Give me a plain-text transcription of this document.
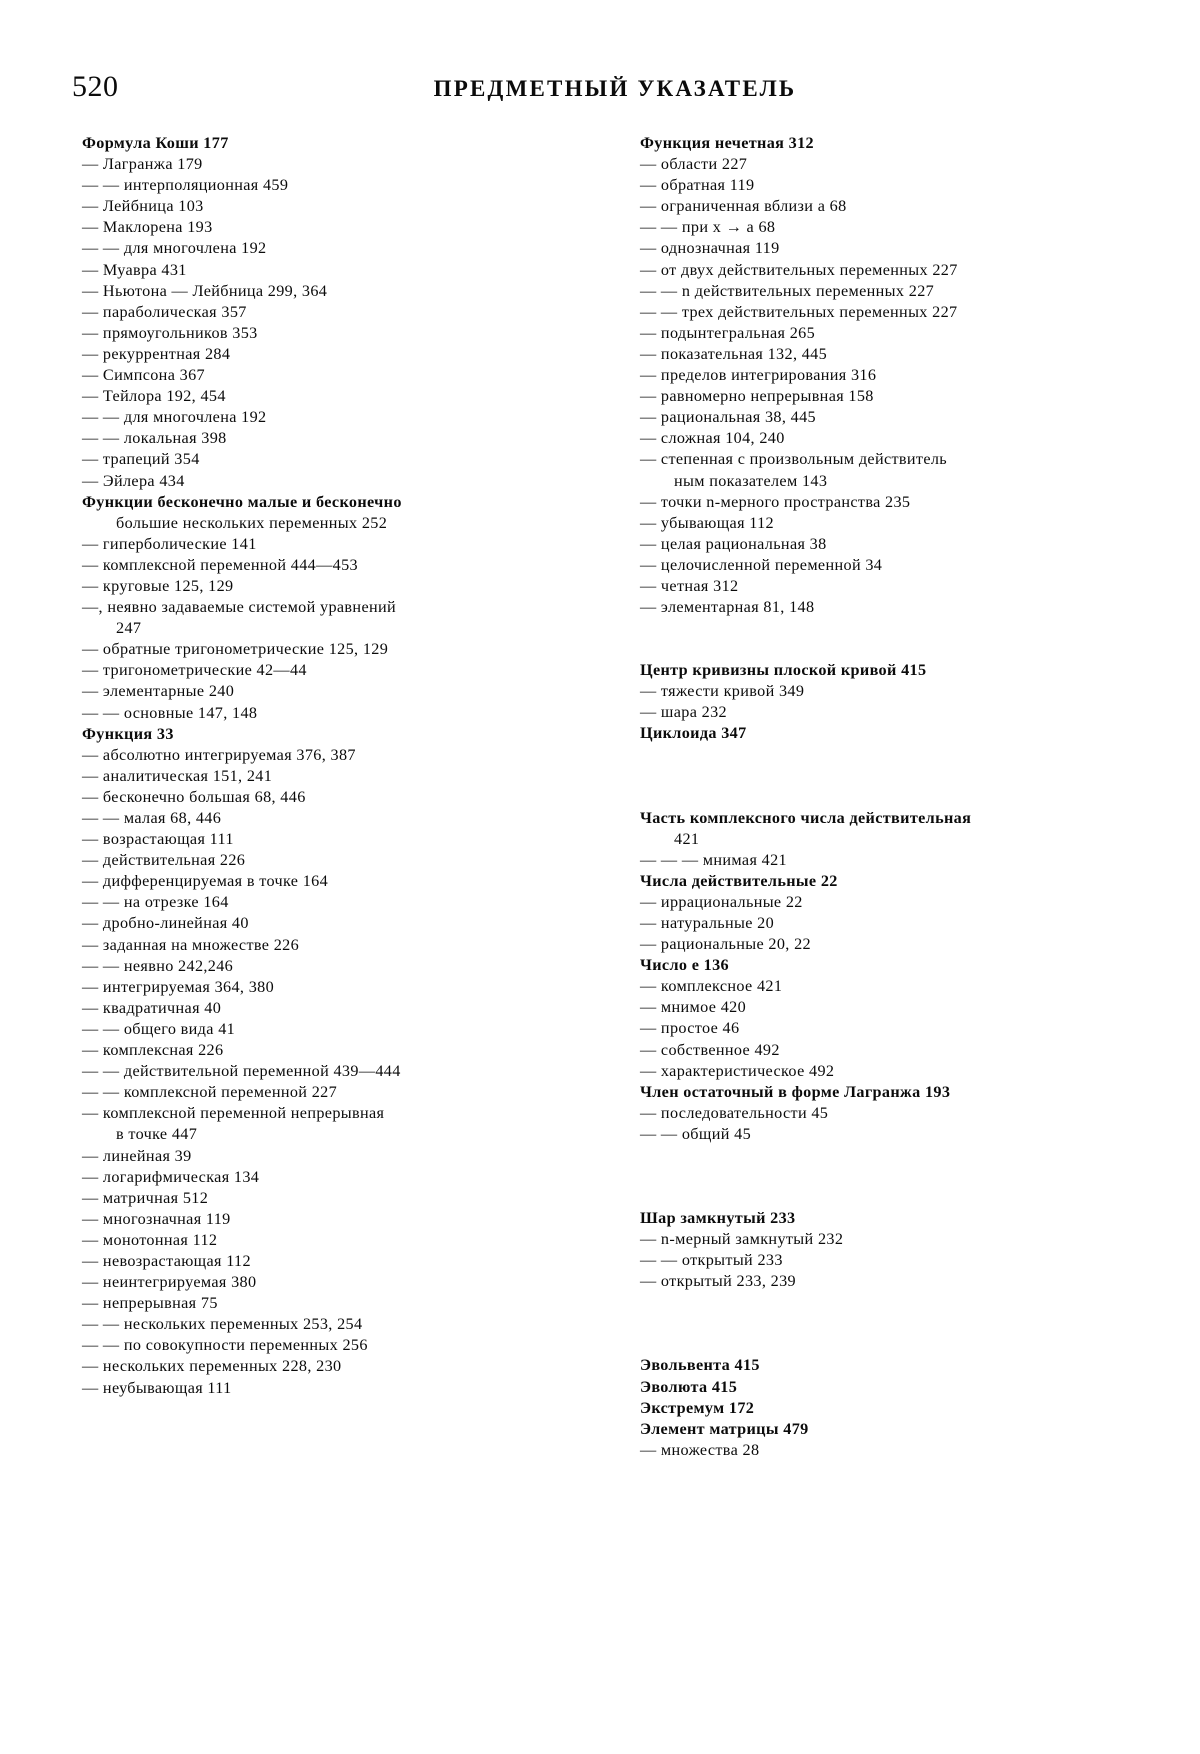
520	ПРЕДМЕТНЫЙ УКАЗАТЕЛЬ
Формула Коши 177
— Лагранжа 179
— — интерполяционная 459
— Лейбница 103
— Маклорена 193
— — для многочлена 192
— Муавра 431
— Ньютона — Лейбница 299, 364
— параболическая 357
— прямоугольников 353
— рекуррентная 284
— Симпсона 367
— Тейлора 192, 454
— — для многочлена 192
— — локальная 398
— трапеций 354
— Эйлера 434
Функции бесконечно малые и бесконечно
большие нескольких переменных 252
— гиперболические 141
— комплексной переменной 444—453
— круговые 125, 129
—, неявно задаваемые системой уравнений
247
— обратные тригонометрические 125, 129
— тригонометрические 42—44
— элементарные 240
— — основные 147, 148
Функция 33
— абсолютно интегрируемая 376, 387
— аналитическая 151, 241
— бесконечно большая 68, 446
— — малая 68, 446
— возрастающая 111
— действительная 226
— дифференцируемая в точке 164
— — на отрезке 164
— дробно-линейная 40
— заданная на множестве 226
— — неявно 242,246
— интегрируемая 364, 380
— квадратичная 40
— — общего вида 41
— комплексная 226
— — действительной переменной 439—444
— — комплексной переменной 227
— комплексной переменной непрерывная
в точке 447
— линейная 39
— логарифмическая 134
— матричная 512
— многозначная 119
— монотонная 112
— невозрастающая 112
— неинтегрируемая 380
— непрерывная 75
— — нескольких переменных 253, 254
— — по совокупности переменных 256
— нескольких переменных 228, 230
— неубывающая 111
Функция нечетная 312
— области 227
— обратная 119
— ограниченная вблизи a 68
— — при x → a 68
— однозначная 119
— от двух действительных переменных 227
— — n действительных переменных 227
— — трех действительных переменных 227
— подынтегральная 265
— показательная 132, 445
— пределов интегрирования 316
— равномерно непрерывная 158
— рациональная 38, 445
— сложная 104, 240
— степенная с произвольным действитель
ным показателем 143
— точки n-мерного пространства 235
— убывающая 112
— целая рациональная 38
— целочисленной переменной 34
— четная 312
— элементарная 81, 148
Центр кривизны плоской кривой 415
— тяжести кривой 349
— шара 232
Циклоида 347
Часть комплексного числа действительная
421
— — — мнимая 421
Числа действительные 22
— иррациональные 22
— натуральные 20
— рациональные 20, 22
Число e 136
— комплексное 421
— мнимое 420
— простое 46
— собственное 492
— характеристическое 492
Член остаточный в форме Лагранжа 193
— последовательности 45
— — общий 45
Шар замкнутый 233
— n-мерный замкнутый 232
— — открытый 233
— открытый 233, 239
Эвольвента 415
Эволюта 415
Экстремум 172
Элемент матрицы 479
— множества 28
